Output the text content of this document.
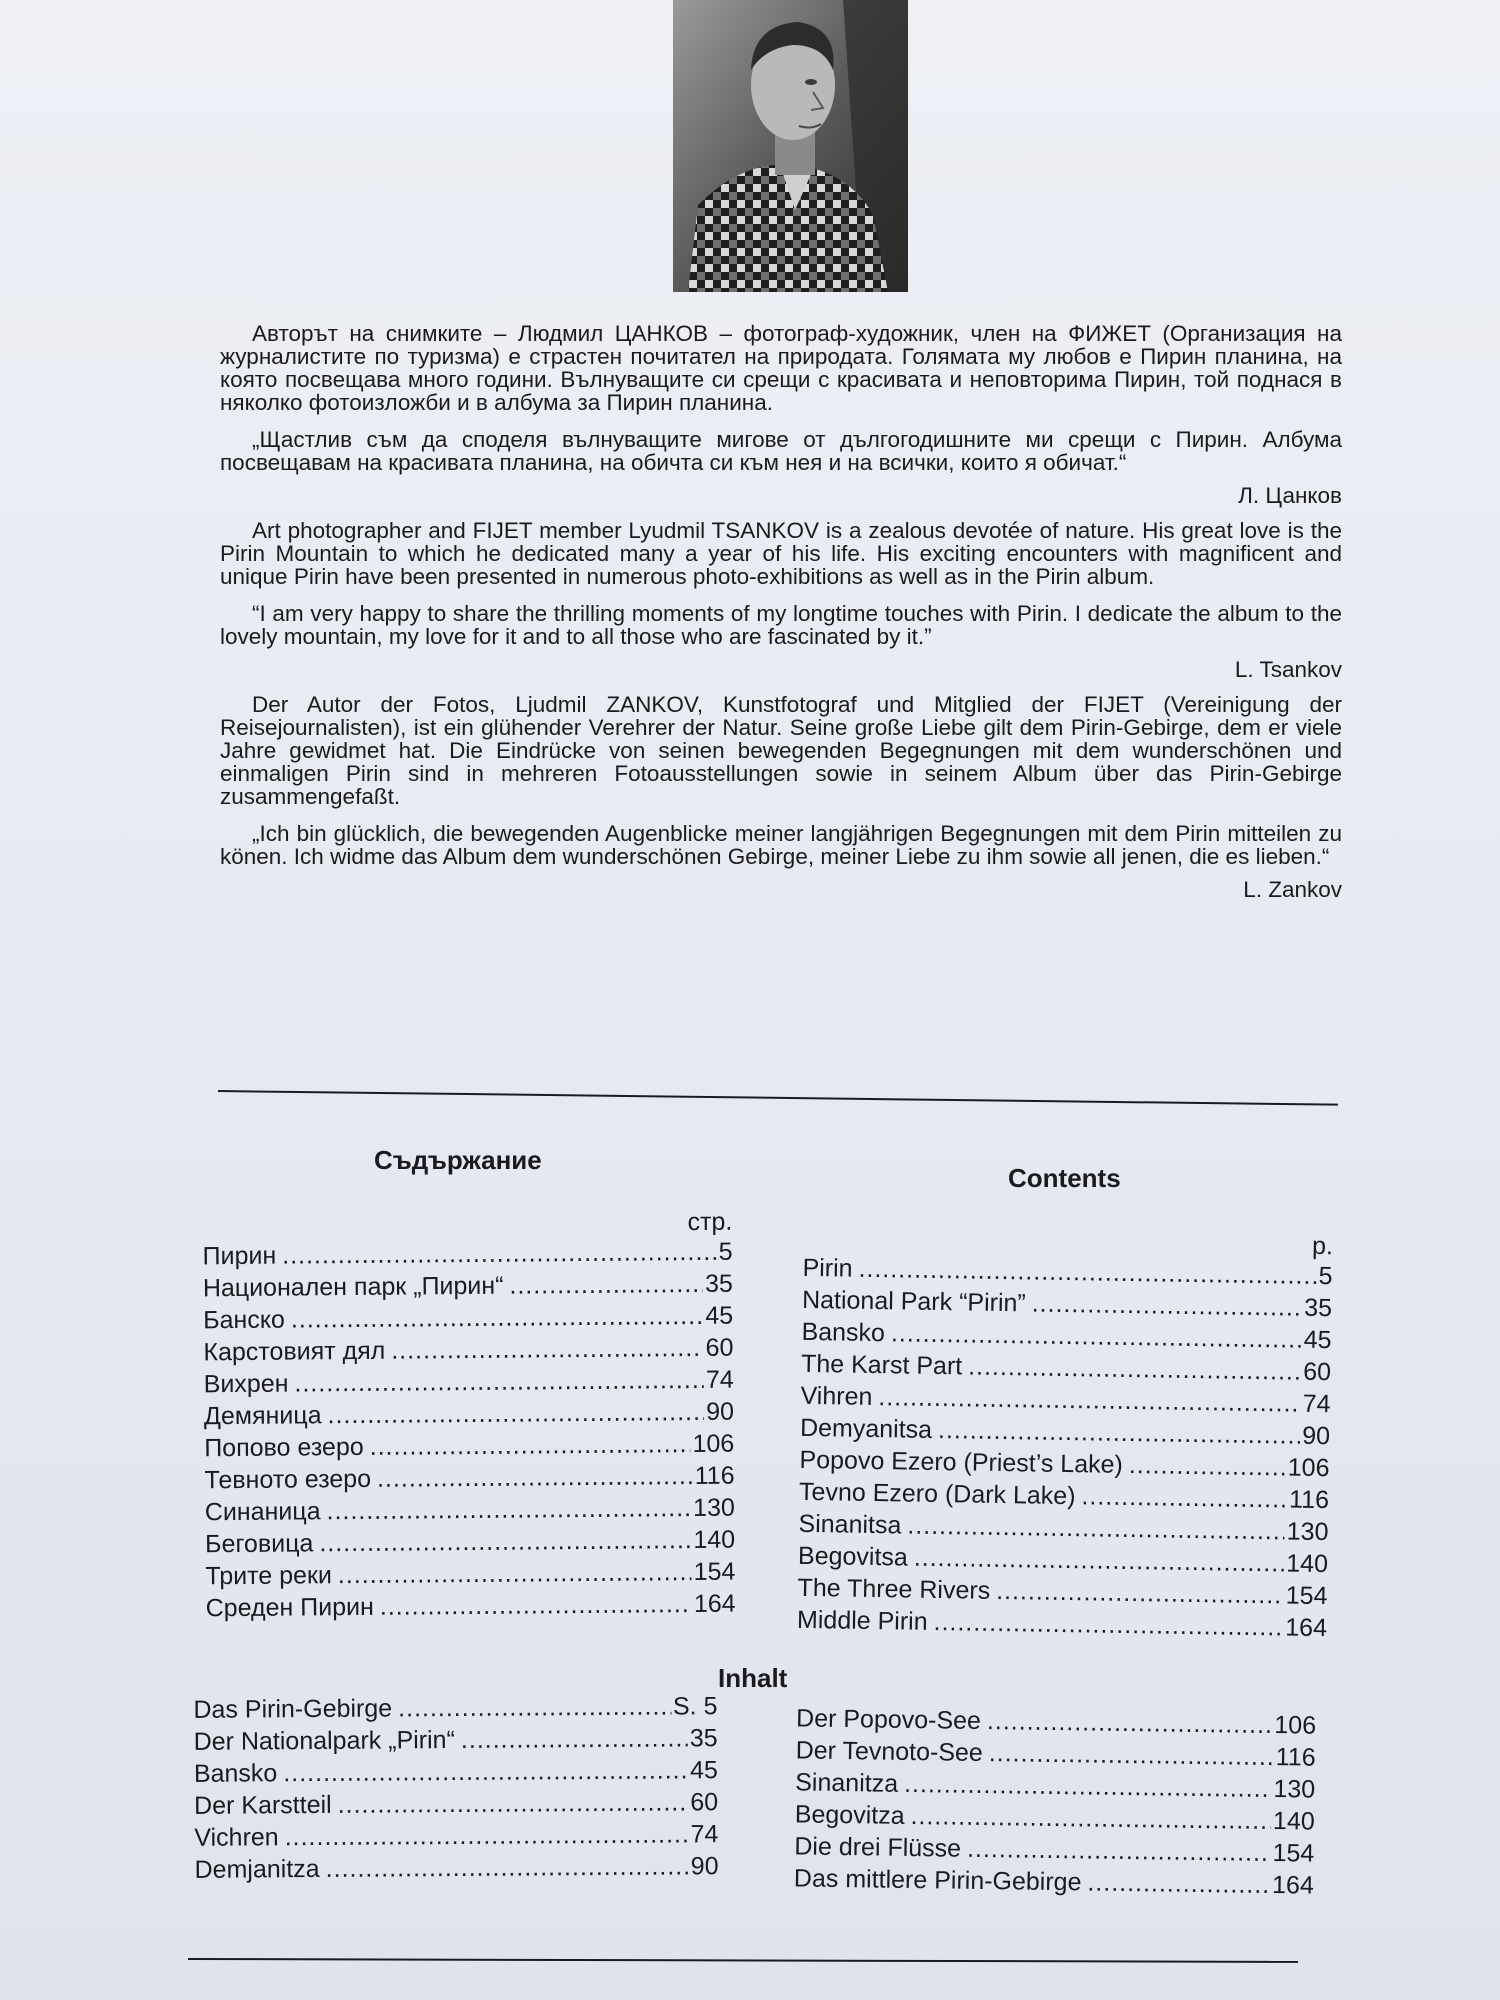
Авторът на снимките – Людмил ЦАНКОВ – фотограф-художник, член на ФИЖЕТ (Организация на журналистите по туризма) е страстен почитател на природата. Голямата му любов е Пирин планина, на която посвещава много години. Вълнуващите си срещи с красивата и неповторима Пирин, той поднася в няколко фотоизложби и в албума за Пирин планина.

„Щастлив съм да споделя вълнуващите мигове от дългогодишните ми срещи с Пирин. Албума посвещавам на красивата планина, на обичта си към нея и на всички, които я обичат.“

Л. Цанков

Art photographer and FIJET member Lyudmil TSANKOV is a zealous devotée of nature. His great love is the Pirin Mountain to which he dedicated many a year of his life. His exciting encounters with magnificent and unique Pirin have been presented in numerous photo-exhibitions as well as in the Pirin album.

“I am very happy to share the thrilling moments of my longtime touches with Pirin. I dedicate the album to the lovely mountain, my love for it and to all those who are fascinated by it.”

L. Tsankov

Der Autor der Fotos, Ljudmil ZANKOV, Kunstfotograf und Mitglied der FIJET (Vereinigung der Reisejournalisten), ist ein glühender Verehrer der Natur. Seine große Liebe gilt dem Pirin-Gebirge, dem er viele Jahre gewidmet hat. Die Eindrücke von seinen bewegenden Begegnungen mit dem wunderschönen und einmaligen Pirin sind in mehreren Fotoausstellungen sowie in seinem Album über das Pirin-Gebirge zusammengefaßt.

„Ich bin glücklich, die bewegenden Augenblicke meiner langjährigen Begegnungen mit dem Pirin mitteilen zu könen. Ich widme das Album dem wunderschönen Gebirge, meiner Liebe zu ihm sowie all jenen, die es lieben.“

L. Zankov

Съдържание
стр.
Пирин .....	5
Национален парк „Пирин“ .....	35
Банско .....	45
Карстовият дял .....	60
Вихрен .....	74
Демяница .....	90
Попово езеро .....	106
Тевното езеро .....	116
Синаница .....	130
Беговица .....	140
Трите реки .....	154
Среден Пирин .....	164
Contents
p.
Pirin .....	5
National Park “Pirin” .....	35
Bansko .....	45
The Karst Part .....	60
Vihren .....	74
Demyanitsa .....	90
Popovo Ezero (Priest’s Lake) .....	106
Tevno Ezero (Dark Lake) .....	116
Sinanitsa .....	130
Begovitsa .....	140
The Three Rivers .....	154
Middle Pirin .....	164
Inhalt
Das Pirin-Gebirge .....	S. 5
Der Nationalpark „Pirin“ .....	35
Bansko .....	45
Der Karstteil .....	60
Vichren .....	74
Demjanitza .....	90
Der Popovo-See .....	106
Der Tevnoto-See .....	116
Sinanitza .....	130
Begovitza .....	140
Die drei Flüsse .....	154
Das mittlere Pirin-Gebirge .....	164
